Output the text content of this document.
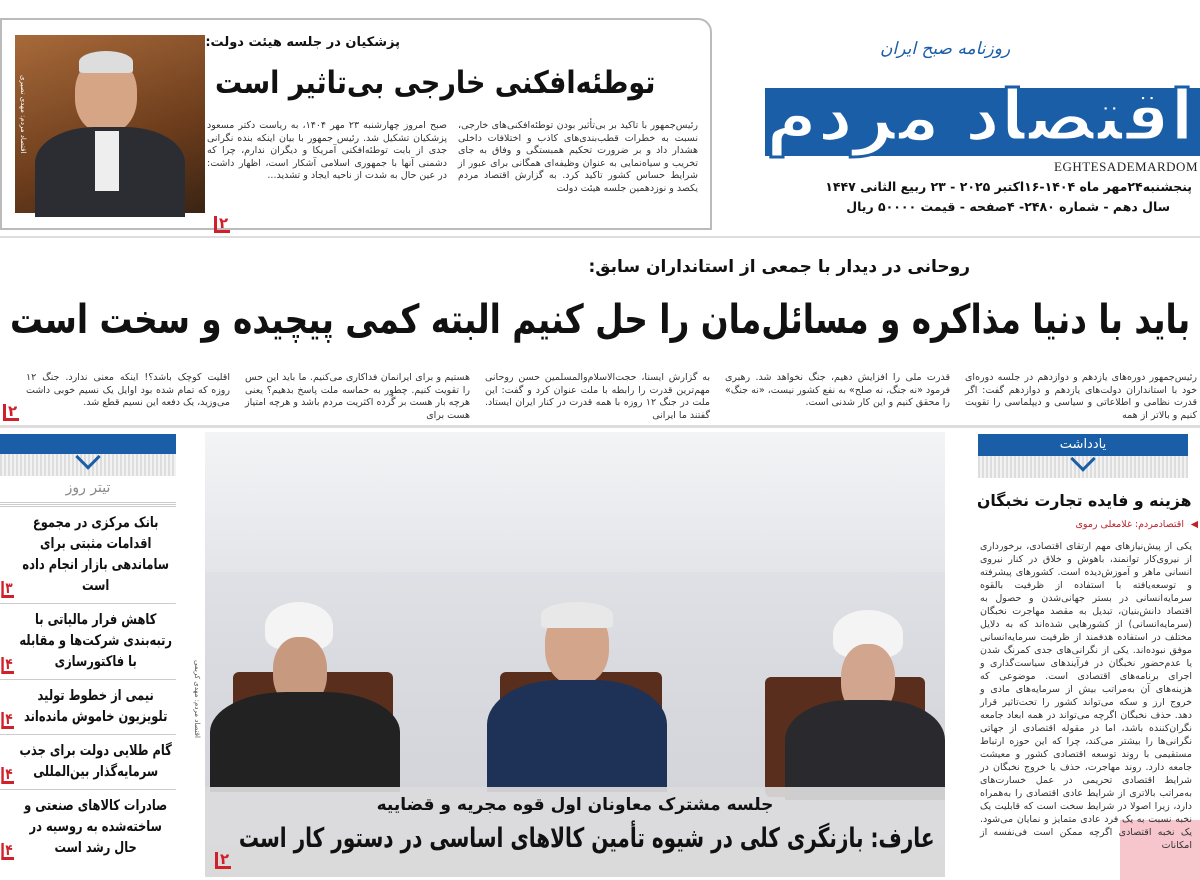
اقتصاد مردم
روزنامه صبح ایران
EGHTESADEMARDOM
پنجشنبه۲۴مهر ماه ۱۴۰۴-۱۶اکتبر ۲۰۲۵ - ۲۳ ربیع الثانی ۱۴۴۷
سال دهم - شماره ۲۴۸۰- ۴صفحه - قیمت ۵۰۰۰۰ ریال
پزشکیان در جلسه هیئت دولت:
توطئه‌افکنی خارجی بی‌تاثیر است
رئیس‌جمهور با تاکید بر بی‌تأثیر بودن توطئه‌افکنی‌های خارجی، نسبت به خطرات قطب‌بندی‌های کاذب و اختلافات داخلی هشدار داد و بر ضرورت تحکیم همبستگی و وفاق به جای تخریب و سیاه‌نمایی به عنوان وظیفه‌ای همگانی برای عبور از شرایط حساس کشور تاکید کرد. به گزارش اقتصاد مردم یکصد و نوزدهمین جلسه هیئت دولت
صبح امروز چهارشنبه ۲۳ مهر ۱۴۰۴، به ریاست دکتر مسعود پزشکیان تشکیل شد. رئیس جمهور با بیان اینکه بنده نگرانی جدی از بابت توطئه‌افکنی آمریکا و دیگران ندارم، چرا که دشمنی آنها با جمهوری اسلامی آشکار است، اظهار داشت: در عین حال به شدت از ناحیه ایجاد و تشدید...
۲
اقتصاد مردم: مهدی نصیری
روحانی در دیدار با جمعی از استانداران سابق:
باید با دنیا مذاکره و مسائل‌مان را حل کنیم البته کمی پیچیده و سخت است
رئیس‌جمهور دوره‌های یازدهم و دوازدهم در جلسه دوره‌ای خود با استانداران دولت‌های یازدهم و دوازدهم گفت: اگر قدرت نظامی و اطلاعاتی و سیاسی و دیپلماسی را تقویت کنیم و بالاتر از همه
قدرت ملی را افزایش دهیم، جنگ نخواهد شد. رهبری فرمود «نه جنگ، نه صلح» به نفع کشور نیست، «نه جنگ» را محقق کنیم و این کار شدنی است.
به گزارش ایسنا، حجت‌الاسلام‌والمسلمین حسن روحانی مهم‌ترین قدرت را رابطه با ملت عنوان کرد و گفت: این ملت در جنگ ۱۲ روزه با همه قدرت در کنار ایران ایستاد. گفتند ما ایرانی
هستیم و برای ایرانمان فداکاری می‌کنیم. ما باید این حس را تقویت کنیم. چطور به حماسه ملت پاسخ بدهیم؟ یعنی هرچه بار هست بر گُرده اکثریت مردم باشد و هرچه امتیاز هست برای
اقلیت کوچک باشد؟! اینکه معنی ندارد. جنگ ۱۲ روزه که تمام شده بود اوایل یک نسیم خوبی داشت می‌وزید، یک دفعه این نسیم قطع شد.
۲
تیتر روز
بانک مرکزی در مجموع اقدامات مثبتی برای ساماندهی بازار انجام داده است
۳
کاهش فرار مالیاتی با رتبه‌بندی شرکت‌ها و مقابله با فاکتورسازی
۴
نیمی از خطوط تولید تلویزیون خاموش مانده‌اند
۴
گام طلایی دولت برای جذب سرمایه‌گذار بین‌المللی
۴
صادرات کالاهای صنعتی و ساخته‌شده به روسیه در حال رشد است
۴
جلسه مشترک معاونان اول قوه مجریه و قضاییه
عارف: بازنگری کلی در شیوه تأمین کالاهای اساسی در دستور کار است
۲
اقتصاد مردم: مهدی کریمی
یادداشت
هزینه و فایده تجارت نخبگان
◀
اقتصادمردم: غلامعلی رموی
یکی از پیش‌نیازهای مهم ارتقای اقتصادی، برخورداری از نیروی‌کار توانمند، باهوش و خلاق در کنار نیروی انسانی ماهر و آموزش‌دیده است. کشورهای پیشرفته و توسعه‌یافته با استفاده از ظرفیت بالقوه سرمایه‌انسانی در بستر جهانی‌شدن و حصول به اقتصاد دانش‌بنیان، تبدیل به مقصد مهاجرت نخبگان (سرمایه‌انسانی) از کشورهایی شده‌اند که به دلایل مختلف در استفاده هدفمند از ظرفیت سرمایه‌انسانی موفق نبوده‌اند. یکی از نگرانی‌های جدی کمرنگ شدن یا عدم‌حضور نخبگان در فرآیندهای سیاست‌گذاری و اجرای برنامه‌های اقتصادی است. موضوعی که هزینه‌های آن به‌مراتب بیش از سرمایه‌های مادی و خروج ارز و سکه می‌تواند کشور را تحت‌تاثیر قرار دهد. حذف نخبگان اگرچه می‌تواند در همه ابعاد جامعه نگران‌کننده باشد، اما در مقوله اقتصادی از جهاتی نگرانی‌ها را بیشتر می‌کند، چرا که این حوزه ارتباط مستقیمی با روند توسعه اقتصادی کشور و معیشت جامعه دارد. روند مهاجرت، حذف یا خروج نخبگان در شرایط اقتصادی تحریمی در عمل خسارت‌های به‌مراتب بالاتری از شرایط عادی اقتصادی را به‌همراه دارد، زیرا اصولا در شرایط سخت است که قابلیت یک نخبه نسبت به یک فرد عادی متمایز و نمایان می‌شود. یک نخبه اقتصادی اگرچه ممکن است فی‌نفسه از امکانات
